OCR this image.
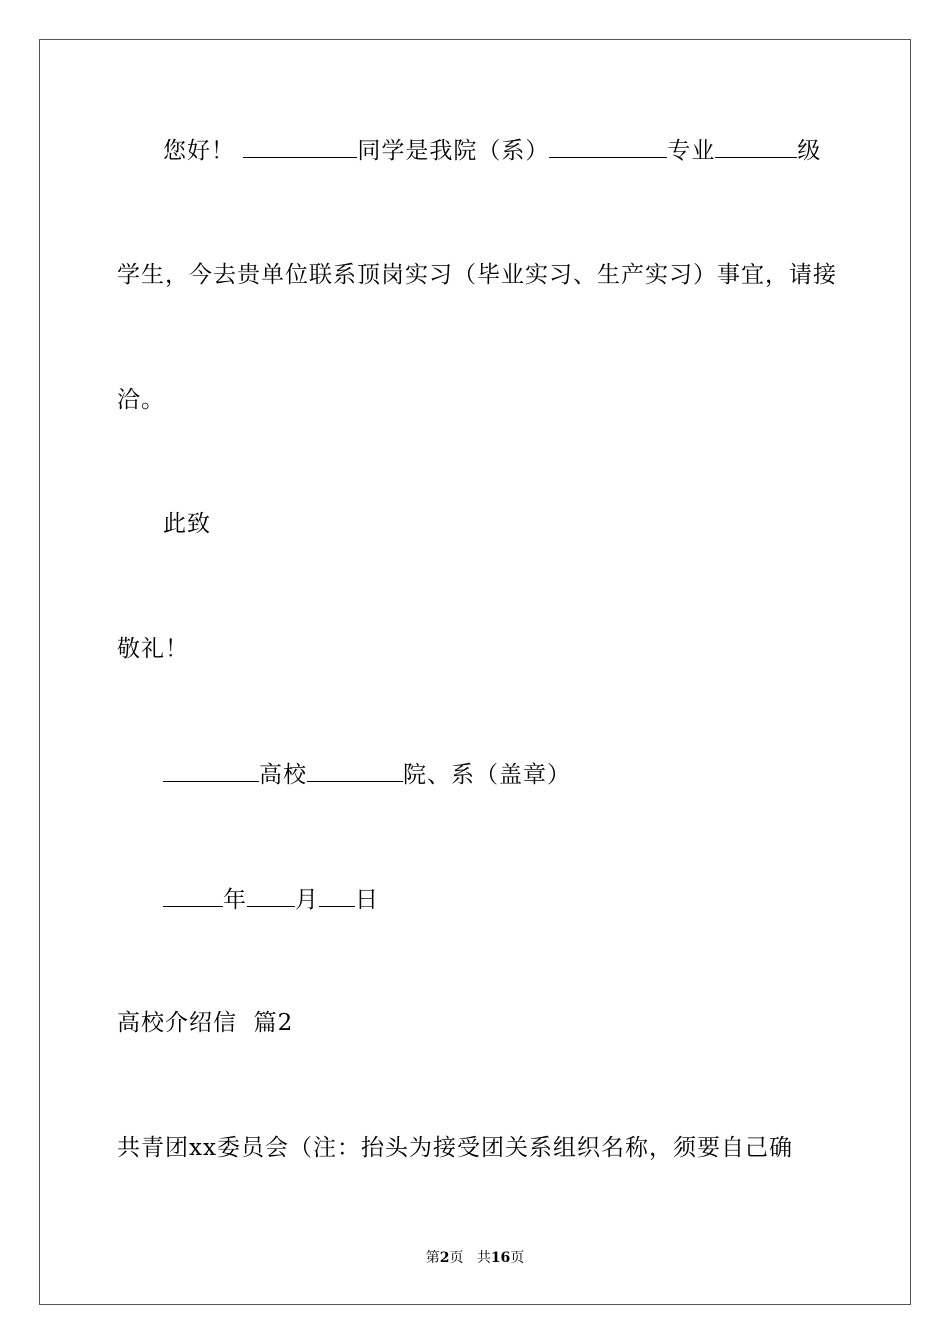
您好！	同学是我院（系）	专业	级
学生，今去贵单位联系顶岗实习（毕业实习、生产实习）事宜，请接
洽。
此致
敬礼！
高校	院、系（盖章）
年 月 日
高校介绍信  篇2
共青团xx委员会（注：抬头为接受团关系组织名称，须要自己确
第2页 共16页
